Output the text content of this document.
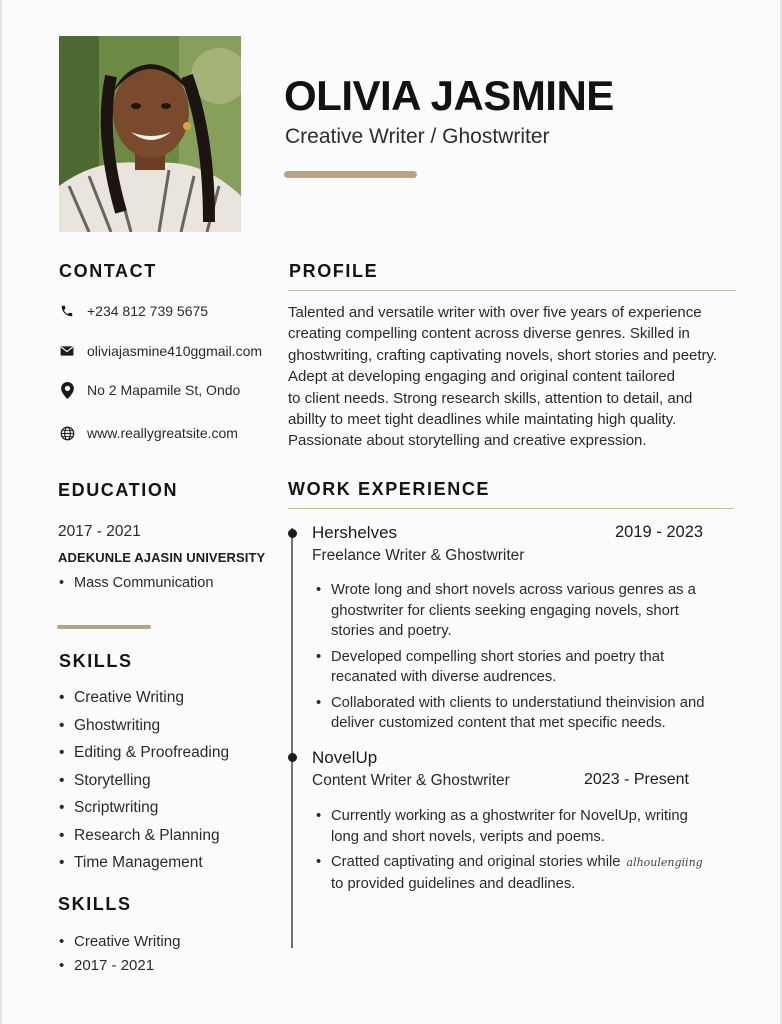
OLIVIA JASMINE
Creative Writer / Ghostwriter
CONTACT
+234 812 739 5675
oliviajasmine410ggmail.com
No 2 Mapamile St, Ondo
www.reallygreatsite.com
PROFILE
Talented and versatile writer with over five years of experience
creating compelling content across diverse genres. Skilled in
ghostwriting, crafting captivating novels, short stories and peetry.
Adept at developing engaging and original content tailored
to client needs. Strong research skills, attention to detail, and
abillty to meet tight deadlines while maintating high quality.
Passionate about storytelling and creative expression.
EDUCATION
2017 - 2021
ADEKUNLE AJASIN UNIVERSITY
• Mass Communication
SKILLS
• Creative Writing
• Ghostwriting
• Editing & Proofreading
• Storytelling
• Scriptwriting
• Research & Planning
• Time Management
SKILLS
• Creative Writing
• 2017 - 2021
WORK EXPERIENCE
Hershelves	2019 - 2023
Freelance Writer & Ghostwriter
• Wrote long and short novels across various genres as a
ghostwriter for clients seeking engaging novels, short
stories and poetry.
• Developed compelling short stories and poetry that
recanated with diverse audrences.
• Collaborated with clients to understatiund theinvision and
deliver customized content that met specific needs.
NovelUp
Content Writer & Ghostwriter	2023 - Present
• Currently working as a ghostwriter for NovelUp, writing
long and short novels, veripts and poems.
• Cratted captivating and original stories while alhoulengiing
to provided guidelines and deadlines.
